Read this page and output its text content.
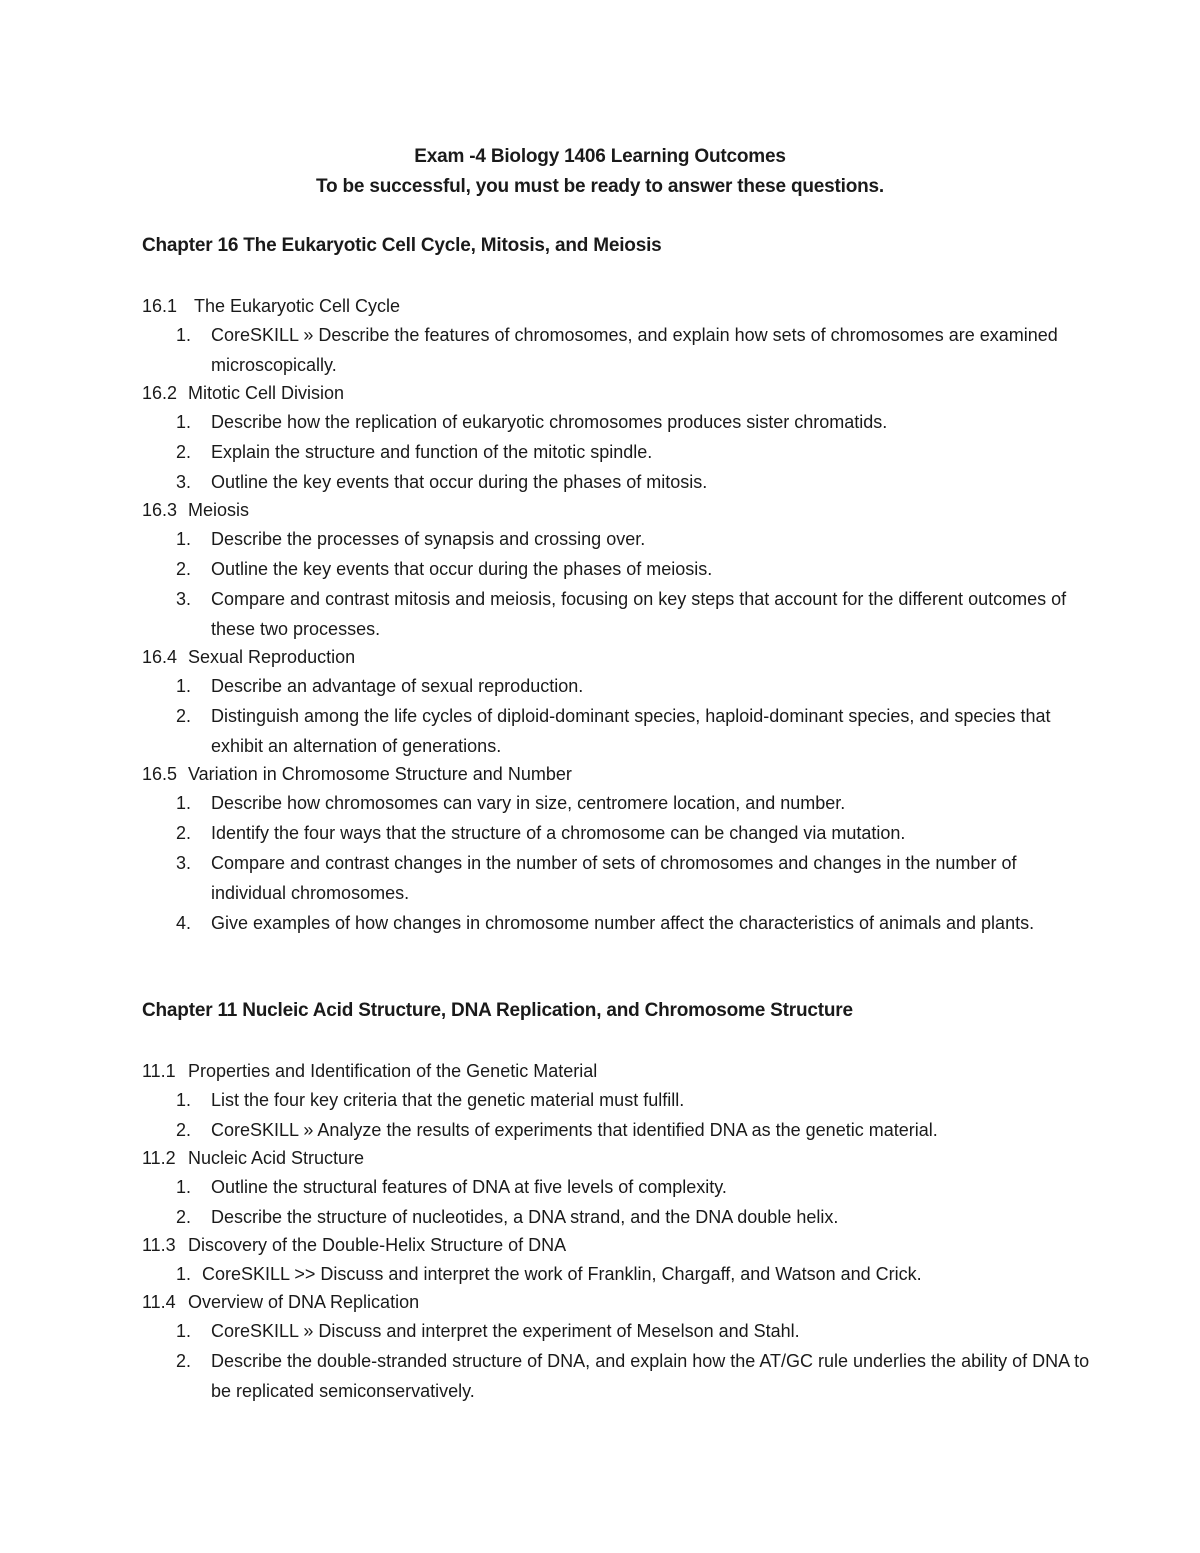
Exam -4 Biology 1406 Learning Outcomes
To be successful, you must be ready to answer these questions.
Chapter 16 The Eukaryotic Cell Cycle, Mitosis, and Meiosis
16.1 The Eukaryotic Cell Cycle
1. CoreSKILL » Describe the features of chromosomes, and explain how sets of chromosomes are examined microscopically.
16.2 Mitotic Cell Division
1. Describe how the replication of eukaryotic chromosomes produces sister chromatids.
2. Explain the structure and function of the mitotic spindle.
3. Outline the key events that occur during the phases of mitosis.
16.3 Meiosis
1. Describe the processes of synapsis and crossing over.
2. Outline the key events that occur during the phases of meiosis.
3. Compare and contrast mitosis and meiosis, focusing on key steps that account for the different outcomes of these two processes.
16.4 Sexual Reproduction
1. Describe an advantage of sexual reproduction.
2. Distinguish among the life cycles of diploid-dominant species, haploid-dominant species, and species that exhibit an alternation of generations.
16.5 Variation in Chromosome Structure and Number
1. Describe how chromosomes can vary in size, centromere location, and number.
2. Identify the four ways that the structure of a chromosome can be changed via mutation.
3. Compare and contrast changes in the number of sets of chromosomes and changes in the number of individual chromosomes.
4. Give examples of how changes in chromosome number affect the characteristics of animals and plants.
Chapter 11 Nucleic Acid Structure, DNA Replication, and Chromosome Structure
11.1 Properties and Identification of the Genetic Material
1. List the four key criteria that the genetic material must fulfill.
2. CoreSKILL » Analyze the results of experiments that identified DNA as the genetic material.
11.2 Nucleic Acid Structure
1. Outline the structural features of DNA at five levels of complexity.
2. Describe the structure of nucleotides, a DNA strand, and the DNA double helix.
11.3 Discovery of the Double-Helix Structure of DNA
1. CoreSKILL >> Discuss and interpret the work of Franklin, Chargaff, and Watson and Crick.
11.4 Overview of DNA Replication
1. CoreSKILL » Discuss and interpret the experiment of Meselson and Stahl.
2. Describe the double-stranded structure of DNA, and explain how the AT/GC rule underlies the ability of DNA to be replicated semiconservatively.
